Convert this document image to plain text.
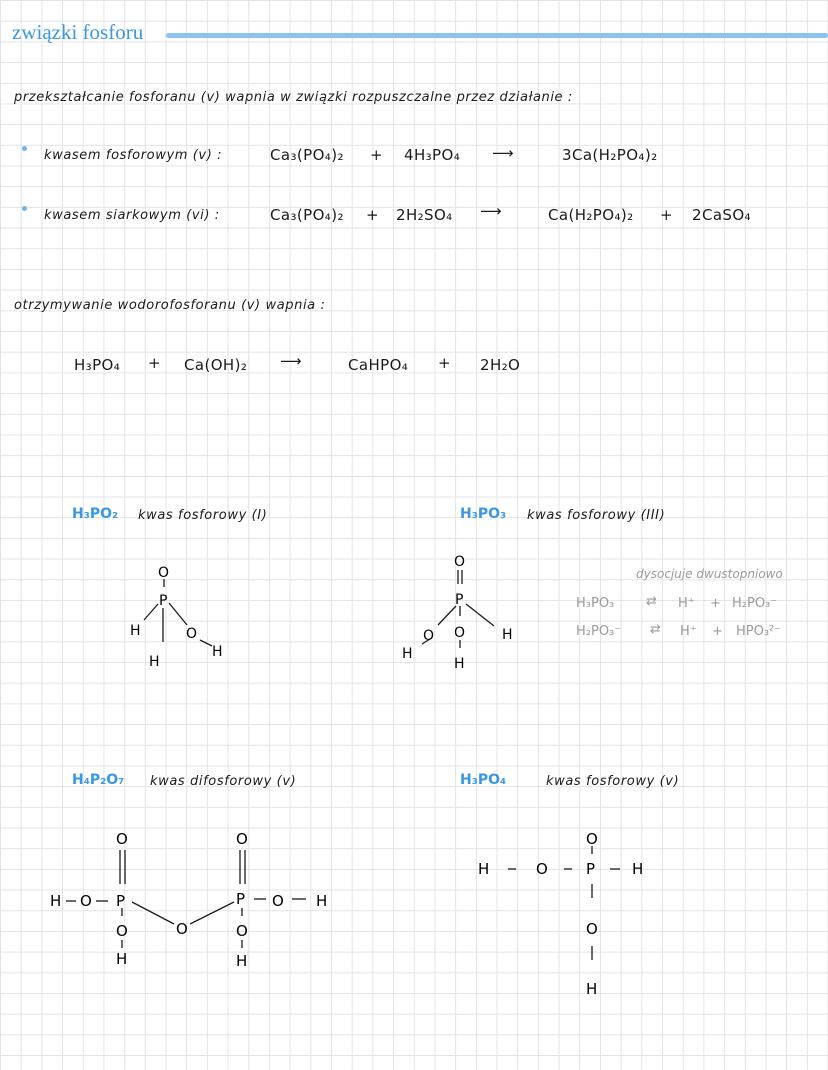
związki fosforu
przekształcanie fosforanu (v) wapnia w związki rozpuszczalne przez działanie :
kwasem fosforowym (v) :	Ca₃(PO₄)₂ + 4H₃PO₄ ⟶	3Ca(H₂PO₄)₂
kwasem siarkowym (vi) :	Ca₃(PO₄)₂ + 2H₂SO₄ ⟶	Ca(H₂PO₄)₂ + 2CaSO₄
otrzymywanie wodorofosforanu (v) wapnia :
H₃PO₄ + Ca(OH)₂ ⟶	CaHPO₄ + 2H₂O
H₃PO₂ kwas fosforowy (I)
O
P
H	O
H
H
H₃PO₃ kwas fosforowy (III)
O
P
O O	H
H
H
dysocjuje dwustopniowo
H₃PO₃ ⇄ H⁺ + H₂PO₃⁻
H₂PO₃⁻ ⇄ H⁺ + HPO₃²⁻
H₄P₂O₇ kwas difosforowy (v)
O	O
H O P	P O H
O
O	O
H	H
H₃PO₄	kwas fosforowy (v)
O
H	O	P H
O
H
